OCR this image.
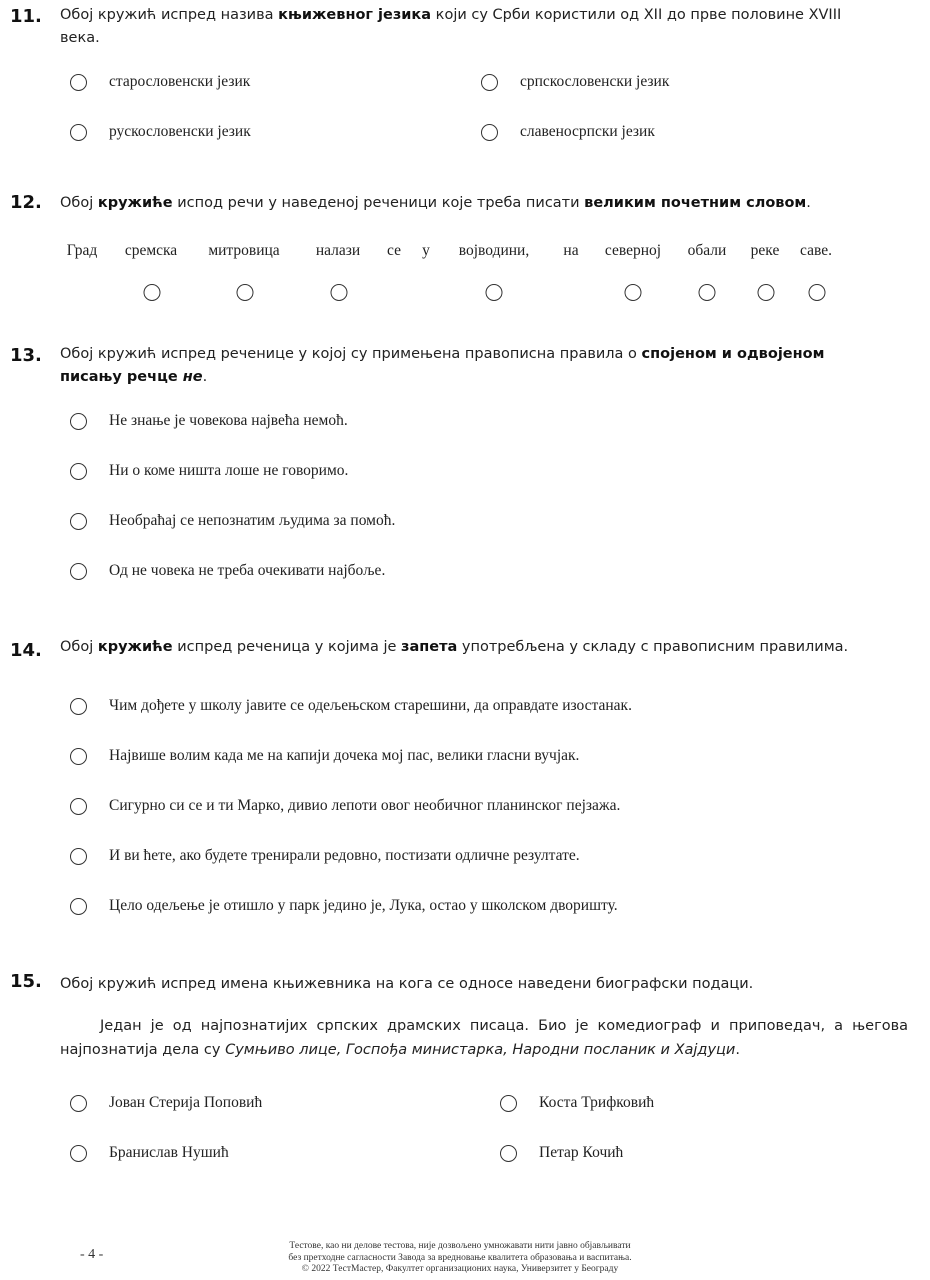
11. Обој кружић испред назива књижевног језика који су Срби користили од XII до прве половине XVIII века.
старословенски језик	српскословенски језик
рускословенски језик	славеносрпски језик
12. Обој кружиће испод речи у наведеној реченици које треба писати великим почетним словом.
Град сремска митровица налази се у војводини, на северној обали реке саве.
13. Обој кружић испред реченице у којој су примењена правописна правила о спојеном и одвојеном писању речце не.
Не знање је човекова највећа немоћ.
Ни о коме ништа лоше не говоримо.
Необраћај се непознатим људима за помоћ.
Од не човека не треба очекивати најбоље.
14. Обој кружиће испред реченица у којима је запета употребљена у складу с правописним правилима.
Чим дођете у школу јавите се одељењском старешини, да оправдате изостанак.
Највише волим када ме на капији дочека мој пас, велики гласни вучјак.
Сигурно си се и ти Марко, дивио лепоти овог необичног планинског пејзажа.
И ви ћете, ако будете тренирали редовно, постизати одличне резултате.
Цело одељење је отишло у парк једино је, Лука, остао у школском дворишту.
15. Обој кружић испред имена књижевника на кога се односе наведени биографски подаци.
Један је од најпознатијих српских драмских писаца. Био је комедиограф и приповедач, а његова најпознатија дела су Сумњиво лице, Госпођа министарка, Народни посланик и Хајдуци.
Јован Стерија Поповић	Коста Трифковић
Бранислав Нушић	Петар Кочић
- 4 -
Тестове, као ни делове тестова, није дозвољено умножавати нити јавно објављивати
без претходне сагласности Завода за вредновање квалитета образовања и васпитања.
© 2022 ТестМастер, Факултет организационих наука, Универзитет у Београду
